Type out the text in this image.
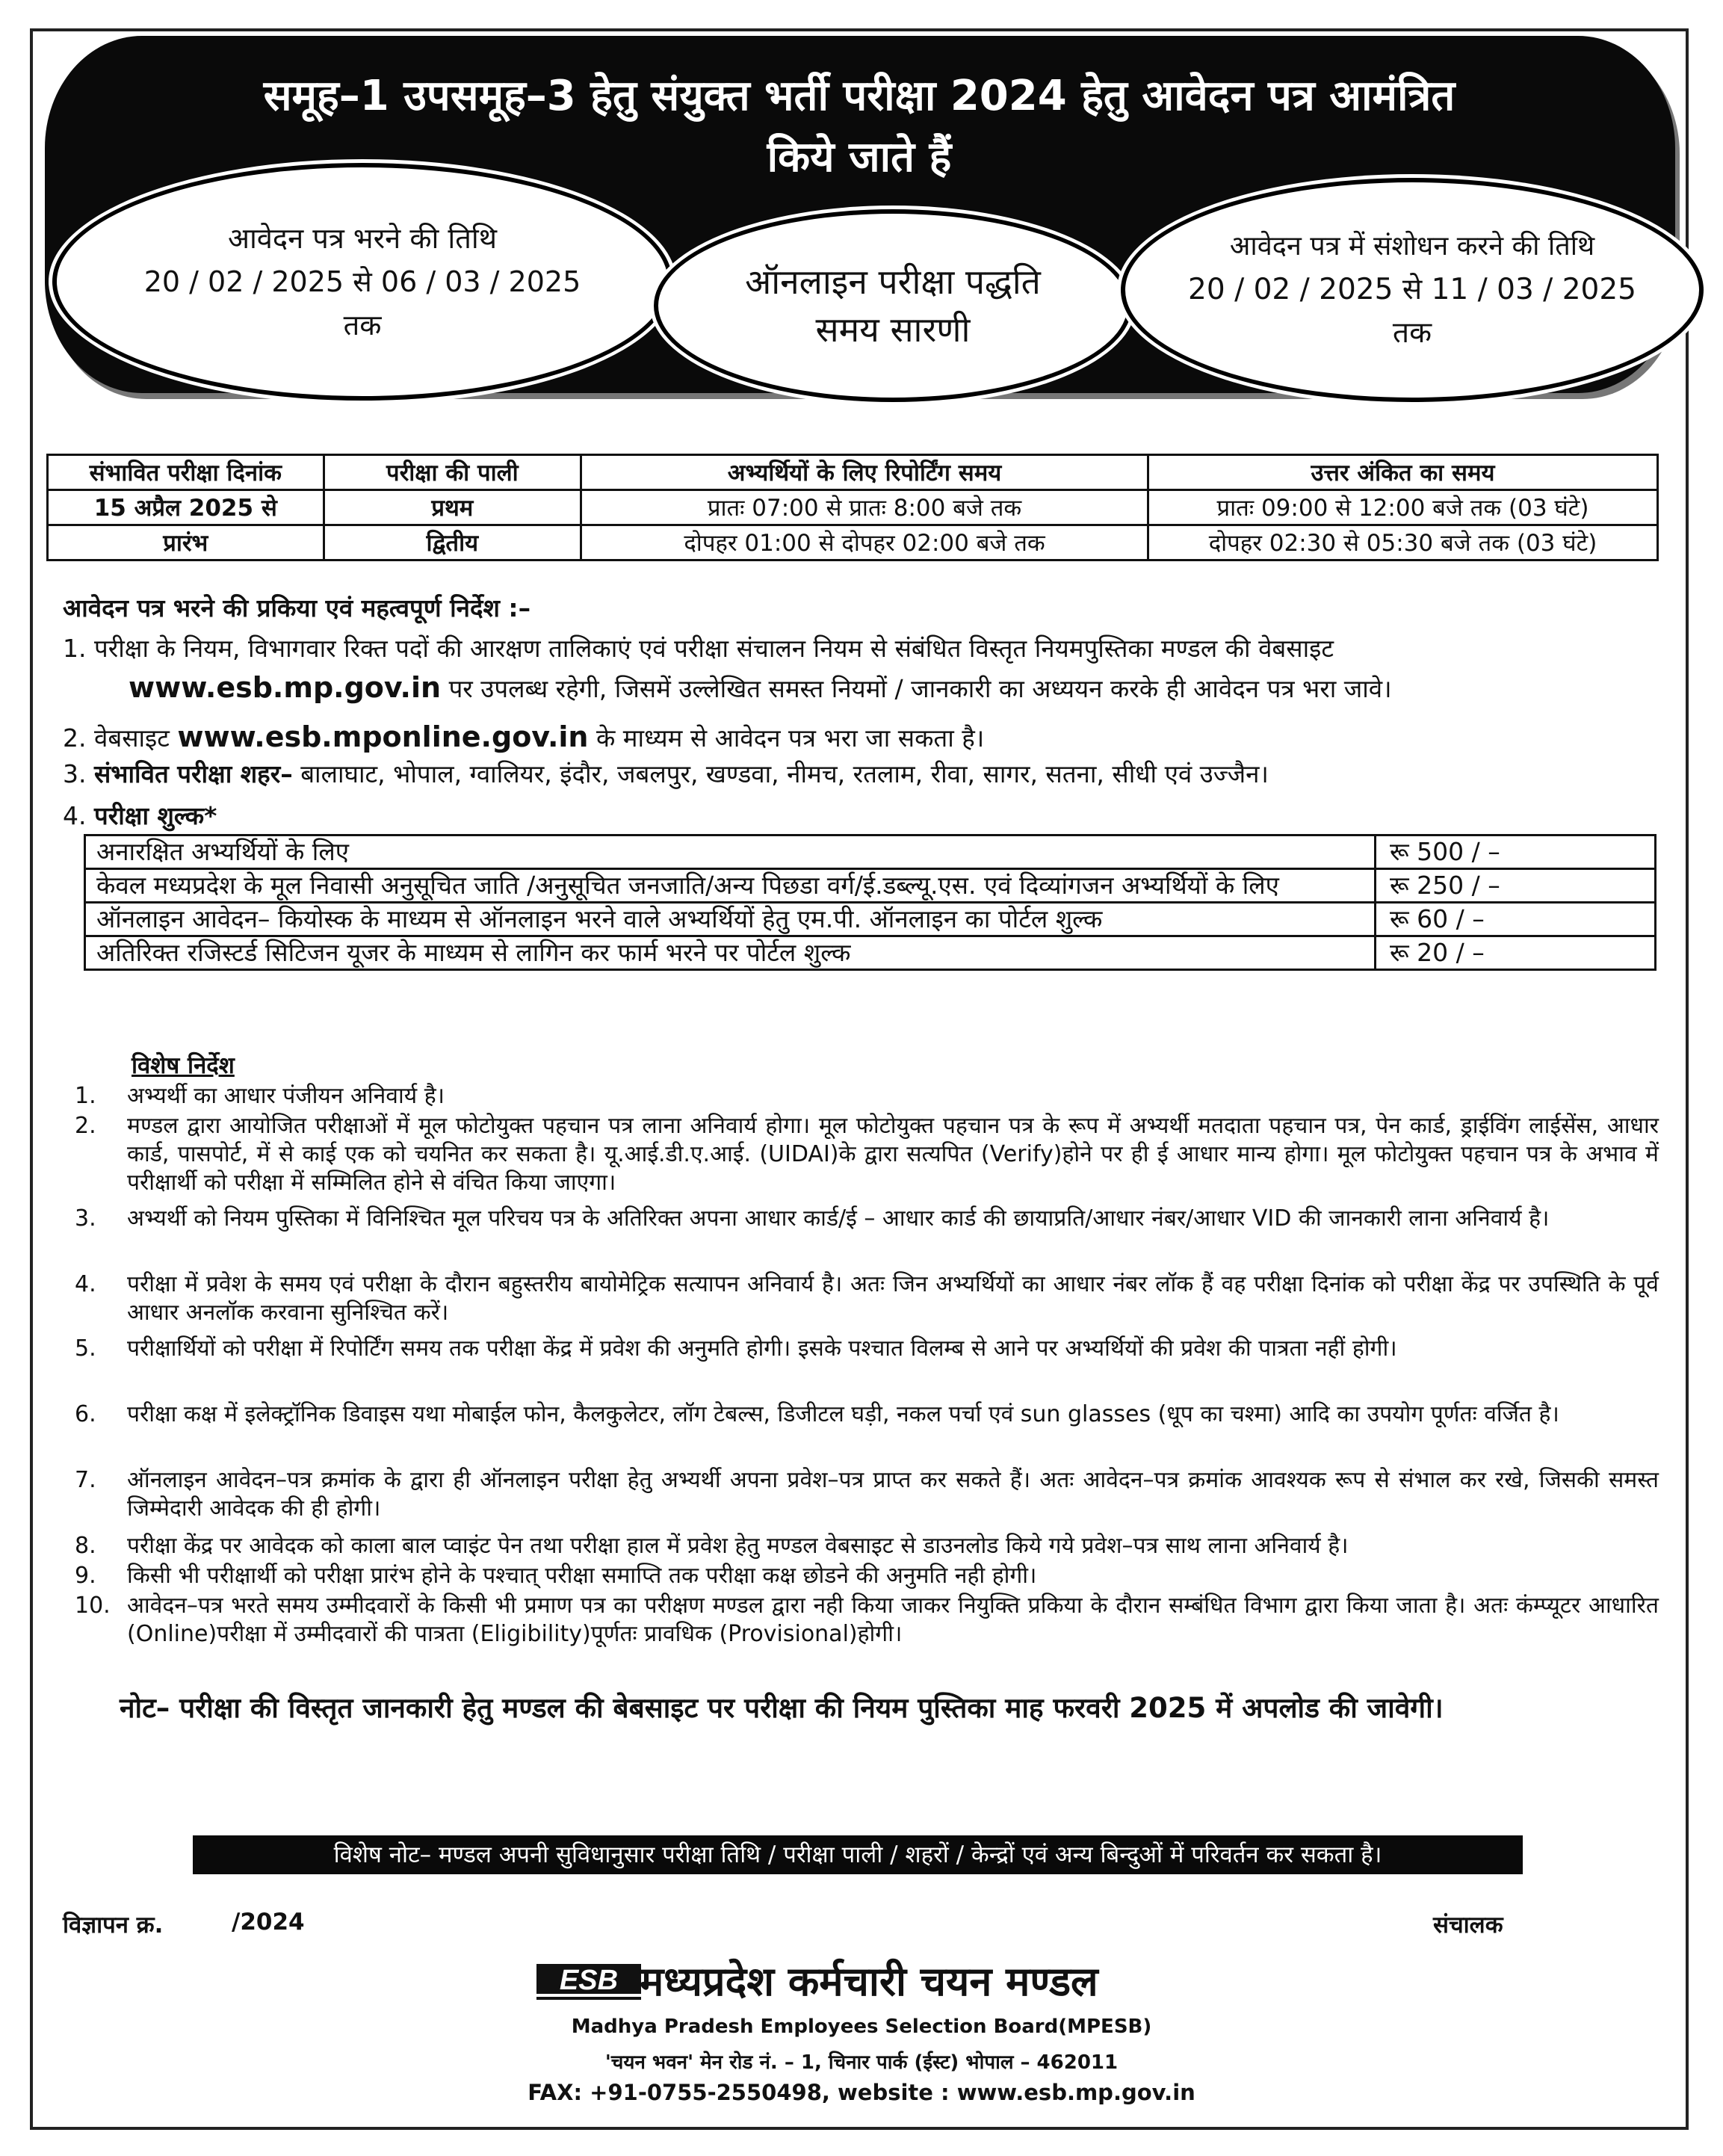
समूह–1 उपसमूह–3 हेतु संयुक्त भर्ती परीक्षा 2024 हेतु आवेदन पत्र आमंत्रित
किये जाते हैं
आवेदन पत्र भरने की तिथि
20 / 02 / 2025 से 06 / 03 / 2025
तक
ऑनलाइन परीक्षा पद्धति
समय सारणी
आवेदन पत्र में संशोधन करने की तिथि
20 / 02 / 2025 से 11 / 03 / 2025
तक
संभावित परीक्षा दिनांक	परीक्षा की पाली	अभ्यर्थियों के लिए रिपोर्टिंग समय	उत्तर अंकित का समय
15 अप्रैल 2025 से	प्रथम	प्रातः 07:00 से प्रातः 8:00 बजे तक	प्रातः 09:00 से 12:00 बजे तक (03 घंटे)
प्रारंभ	द्वितीय	दोपहर 01:00 से दोपहर 02:00 बजे तक	दोपहर 02:30 से 05:30 बजे तक (03 घंटे)
आवेदन पत्र भरने की प्रकिया एवं महत्वपूर्ण निर्देश :–
1. परीक्षा के नियम, विभागवार रिक्त पदों की आरक्षण तालिकाएं एवं परीक्षा संचालन नियम से संबंधित विस्तृत नियमपुस्तिका मण्डल की वेबसाइट
www.esb.mp.gov.in पर उपलब्ध रहेगी, जिसमें उल्लेखित समस्त नियमों / जानकारी का अध्ययन करके ही आवेदन पत्र भरा जावे।
2. वेबसाइट www.esb.mponline.gov.in के माध्यम से आवेदन पत्र भरा जा सकता है।
3. संभावित परीक्षा शहर– बालाघाट, भोपाल, ग्वालियर, इंदौर, जबलपुर, खण्डवा, नीमच, रतलाम, रीवा, सागर, सतना, सीधी एवं उज्जैन।
4. परीक्षा शुल्क*
अनारक्षित अभ्यर्थियों के लिए	रू 500 / –
केवल मध्यप्रदेश के मूल निवासी अनुसूचित जाति /अनुसूचित जनजाति/अन्य पिछडा वर्ग/ई.डब्ल्यू.एस. एवं दिव्यांगजन अभ्यर्थियों के लिए	रू 250 / –
ऑनलाइन आवेदन– कियोस्क के माध्यम से ऑनलाइन भरने वाले अभ्यर्थियों हेतु एम.पी. ऑनलाइन का पोर्टल शुल्क	रू 60 / –
अतिरिक्त रजिस्टर्ड सिटिजन यूजर के माध्यम से लागिन कर फार्म भरने पर पोर्टल शुल्क	रू 20 / –
विशेष निर्देश
1.	अभ्यर्थी का आधार पंजीयन अनिवार्य है।
2.	मण्डल द्वारा आयोजित परीक्षाओं में मूल फोटोयुक्त पहचान पत्र लाना अनिवार्य होगा। मूल फोटोयुक्त पहचान पत्र के रूप में अभ्यर्थी मतदाता पहचान पत्र, पेन कार्ड, ड्राईविंग लाईसेंस, आधार कार्ड, पासपोर्ट, में से काई एक को चयनित कर सकता है। यू.आई.डी.ए.आई. (UIDAI)के द्वारा सत्यपित (Verify)होने पर ही ई आधार मान्य होगा। मूल फोटोयुक्त पहचान पत्र के अभाव में परीक्षार्थी को परीक्षा में सम्मिलित होने से वंचित किया जाएगा।
3.	अभ्यर्थी को नियम पुस्तिका में विनिश्चित मूल परिचय पत्र के अतिरिक्त अपना आधार कार्ड/ई – आधार कार्ड की छायाप्रति/आधार नंबर/आधार VID की जानकारी लाना अनिवार्य है।
4.	परीक्षा में प्रवेश के समय एवं परीक्षा के दौरान बहुस्तरीय बायोमेट्रिक सत्यापन अनिवार्य है। अतः जिन अभ्यर्थियों का आधार नंबर लॉक हैं वह परीक्षा दिनांक को परीक्षा केंद्र पर उपस्थिति के पूर्व आधार अनलॉक करवाना सुनिश्चित करें।
5.	परीक्षार्थियों को परीक्षा में रिपोर्टिंग समय तक परीक्षा केंद्र में प्रवेश की अनुमति होगी। इसके पश्चात विलम्ब से आने पर अभ्यर्थियों की प्रवेश की पात्रता नहीं होगी।
6.	परीक्षा कक्ष में इलेक्ट्रॉनिक डिवाइस यथा मोबाईल फोन, कैलकुलेटर, लॉग टेबल्स, डिजीटल घड़ी, नकल पर्चा एवं sun glasses (धूप का चश्मा) आदि का उपयोग पूर्णतः वर्जित है।
7.	ऑनलाइन आवेदन–पत्र क्रमांक के द्वारा ही ऑनलाइन परीक्षा हेतु अभ्यर्थी अपना प्रवेश–पत्र प्राप्त कर सकते हैं। अतः आवेदन–पत्र क्रमांक आवश्यक रूप से संभाल कर रखे, जिसकी समस्त जिम्मेदारी आवेदक की ही होगी।
8.	परीक्षा केंद्र पर आवेदक को काला बाल प्वाइंट पेन तथा परीक्षा हाल में प्रवेश हेतु मण्डल वेबसाइट से डाउनलोड किये गये प्रवेश–पत्र साथ लाना अनिवार्य है।
9.	किसी भी परीक्षार्थी को परीक्षा प्रारंभ होने के पश्चात् परीक्षा समाप्ति तक परीक्षा कक्ष छोडने की अनुमति नही होगी।
10. आवेदन–पत्र भरते समय उम्मीदवारों के किसी भी प्रमाण पत्र का परीक्षण मण्डल द्वारा नही किया जाकर नियुक्ति प्रकिया के दौरान सम्बंधित विभाग द्वारा किया जाता है। अतः कंम्प्यूटर आधारित (Online)परीक्षा में उम्मीदवारों की पात्रता (Eligibility)पूर्णतः प्रावधिक (Provisional)होगी।
नोट– परीक्षा की विस्तृत जानकारी हेतु मण्डल की बेबसाइट पर परीक्षा की नियम पुस्तिका माह फरवरी 2025 में अपलोड की जावेगी।
विशेष नोट– मण्डल अपनी सुविधानुसार परीक्षा तिथि / परीक्षा पाली / शहरों / केन्द्रों एवं अन्य बिन्दुओं में परिवर्तन कर सकता है।
विज्ञापन क्र.	/2024	संचालक
ESB मध्यप्रदेश कर्मचारी चयन मण्डल
Madhya Pradesh Employees Selection Board(MPESB)
'चयन भवन' मेन रोड नं. – 1, चिनार पार्क (ईस्ट) भोपाल – 462011
FAX: +91-0755-2550498, website : www.esb.mp.gov.in
